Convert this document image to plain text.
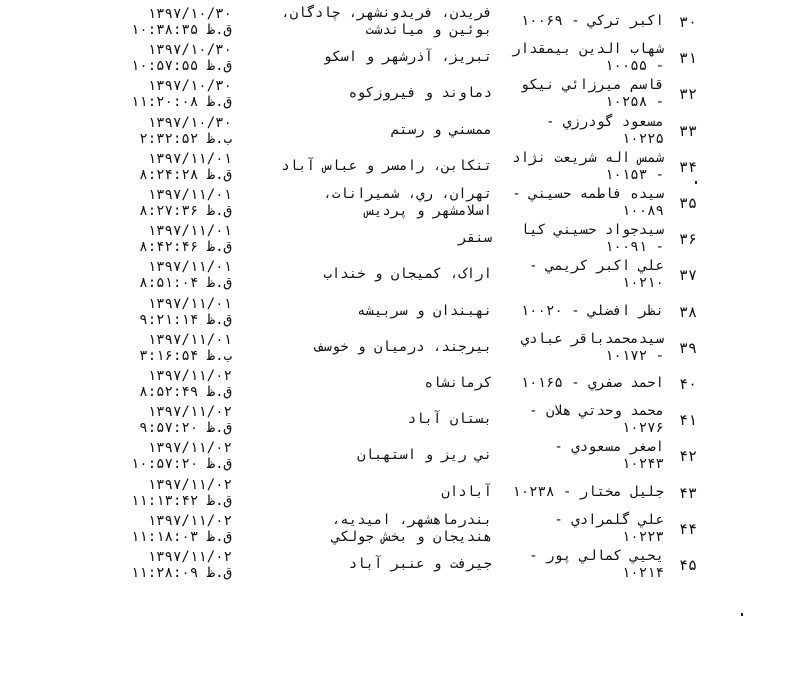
۳۰
اکبر ترکي - ۱۰۰۶۹
فريدن، فريدونشهر، چادگان،
بوئين و مياندشت
۱۳۹۷/۱۰/۳۰
۱۰:۳۸:۳۵ ق.ظ
۳۱
شهاب الدين بيمقدار
- ۱۰۰۵۵
تبريز، آذرشهر و اسکو
۱۳۹۷/۱۰/۳۰
۱۰:۵۷:۵۵ ق.ظ
۳۲
قاسم ميرزائي نيکو
- ۱۰۲۵۸
دماوند و فيروزکوه
۱۳۹۷/۱۰/۳۰
۱۱:۲۰:۰۸ ق.ظ
۳۳
مسعود گودرزي -
۱۰۲۲۵
ممسني و رستم
۱۳۹۷/۱۰/۳۰
۲:۳۲:۵۲ ب.ظ
۳۴
شمس اله شريعت نژاد
- ۱۰۱۵۳
تنکابن، رامسر و عباس آباد
۱۳۹۷/۱۱/۰۱
۸:۲۴:۲۸ ق.ظ
۳۵
سيده فاطمه حسيني -
۱۰۰۸۹
تهران، ري، شميرانات،
اسلامشهر و پرديس
۱۳۹۷/۱۱/۰۱
۸:۲۷:۳۶ ق.ظ
۳۶
سيدجواد حسيني کيا
- ۱۰۰۹۱
سنقر
۱۳۹۷/۱۱/۰۱
۸:۴۲:۴۶ ق.ظ
۳۷
علي اکبر کريمي -
۱۰۲۱۰
اراک، کميجان و خنداب
۱۳۹۷/۱۱/۰۱
۸:۵۱:۰۴ ق.ظ
۳۸
نظر افضلي - ۱۰۰۲۰
نهبندان و سربيشه
۱۳۹۷/۱۱/۰۱
۹:۲۱:۱۴ ق.ظ
۳۹
سيدمحمدباقر عبادي
- ۱۰۱۷۲
بيرجند، درميان و خوسف
۱۳۹۷/۱۱/۰۱
۳:۱۶:۵۴ ب.ظ
۴۰
احمد صفري - ۱۰۱۶۵
کرمانشاه
۱۳۹۷/۱۱/۰۲
۸:۵۲:۴۹ ق.ظ
۴۱
محمد وحدتي هلان -
۱۰۲۷۶
بستان آباد
۱۳۹۷/۱۱/۰۲
۹:۵۷:۲۰ ق.ظ
۴۲
اصغر مسعودي -
۱۰۲۴۳
ني ريز و استهبان
۱۳۹۷/۱۱/۰۲
۱۰:۵۷:۲۰ ق.ظ
۴۳
جليل مختار - ۱۰۲۳۸
آبادان
۱۳۹۷/۱۱/۰۲
۱۱:۱۳:۴۲ ق.ظ
۴۴
علي گلمرادي -
۱۰۲۲۳
بندرماهشهر، اميديه،
هنديجان و بخش جولکي
۱۳۹۷/۱۱/۰۲
۱۱:۱۸:۰۳ ق.ظ
۴۵
يحيي کمالي پور -
۱۰۲۱۴
جيرفت و عنبر آباد
۱۳۹۷/۱۱/۰۲
۱۱:۲۸:۰۹ ق.ظ
